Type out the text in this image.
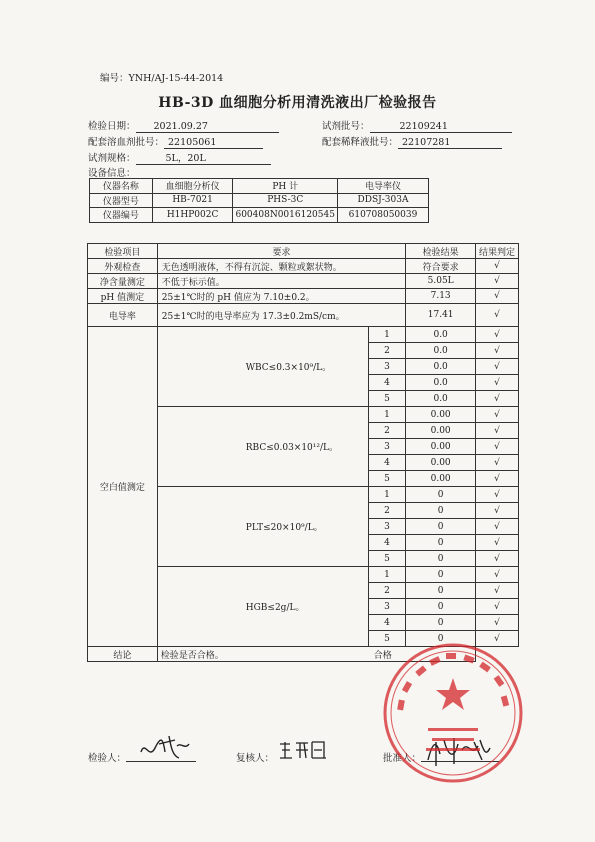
编号：YNH/AJ-15-44-2014
HB-3D 血细胞分析用清洗液出厂检验报告
检验日期： 2021.09.27	试剂批号：	22109241
配套溶血剂批号： 22105061	配套稀释液批号： 22107281
试剂规格：	5L，20L
设备信息：
仪器名称	血细胞分析仪	PH 计	电导率仪
仪器型号	HB-7021	PHS-3C	DDSJ-303A
仪器编号	H1HP002C	600408N0016120545	610708050039
检验项目	要求		检验结果	结果判定
外观检查	无色透明液体，不得有沉淀、颗粒或絮状物。		符合要求	√
净含量测定	不低于标示值。		5.05L	√
pH 值测定	25±1℃时的 pH 值应为 7.10±0.2。		7.13	√
电导率	25±1℃时的电导率应为 17.3±0.2mS/cm。		17.41	√
空白值测定	WBC≤0.3×10⁹/L。	1	0.0	√
		2	0.0	√
		3	0.0	√
		4	0.0	√
		5	0.0	√
	RBC≤0.03×10¹²/L。	1	0.00	√
		2	0.00	√
		3	0.00	√
		4	0.00	√
		5	0.00	√
	PLT≤20×10⁹/L。	1	0	√
		2	0	√
		3	0	√
		4	0	√
		5	0	√
	HGB≤2g/L。	1	0	√
		2	0	√
		3	0	√
		4	0	√
		5	0	√
结论	检验是否合格。 合格			
检验人：	复核人：	批准人：
